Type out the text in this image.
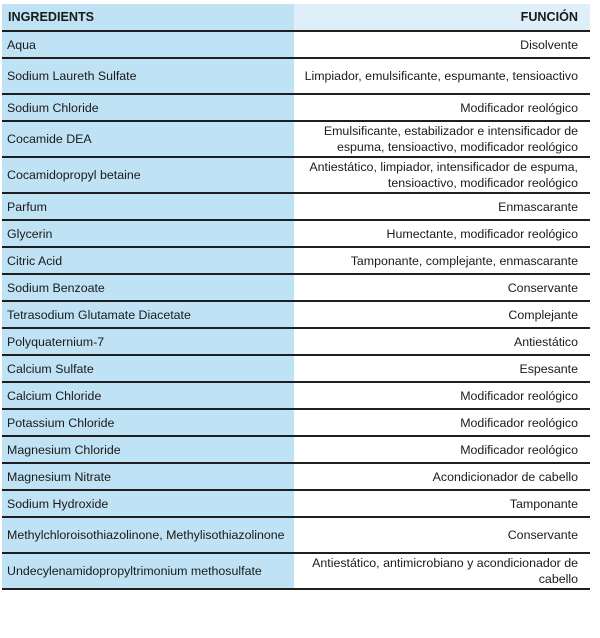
INGREDIENTS	FUNCIÓN
Aqua	Disolvente
Sodium Laureth Sulfate	Limpiador, emulsificante, espumante, tensioactivo
Sodium Chloride	Modificador reológico
Cocamide DEA	Emulsificante, estabilizador e intensificador de espuma, tensioactivo, modificador reológico
Cocamidopropyl betaine	Antiestático, limpiador, intensificador de espuma, tensioactivo, modificador reológico
Parfum	Enmascarante
Glycerin	Humectante, modificador reológico
Citric Acid	Tamponante, complejante, enmascarante
Sodium Benzoate	Conservante
Tetrasodium Glutamate Diacetate	Complejante
Polyquaternium-7	Antiestático
Calcium Sulfate	Espesante
Calcium Chloride	Modificador reológico
Potassium Chloride	Modificador reológico
Magnesium Chloride	Modificador reológico
Magnesium Nitrate	Acondicionador de cabello
Sodium Hydroxide	Tamponante
Methylchloroisothiazolinone, Methylisothiazolinone	Conservante
Undecylenamidopropyltrimonium methosulfate	Antiestático, antimicrobiano y acondicionador de cabello
